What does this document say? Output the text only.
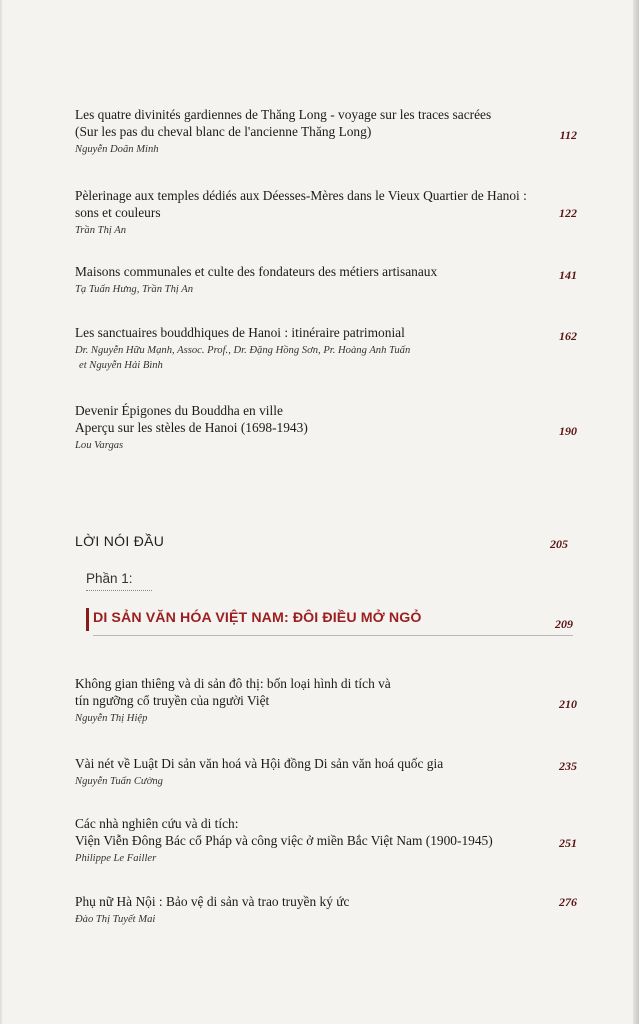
Les quatre divinités gardiennes de Thăng Long - voyage sur les traces sacrées
(Sur les pas du cheval blanc de l'ancienne Thăng Long)
Nguyễn Doãn Minh
112
Pèlerinage aux temples dédiés aux Déesses-Mères dans le Vieux Quartier de Hanoi :
sons et couleurs
Trần Thị An
122
Maisons communales et culte des fondateurs des métiers artisanaux
Tạ Tuấn Hưng, Trần Thị An
141
Les sanctuaires bouddhiques de Hanoi : itinéraire patrimonial
Dr. Nguyễn Hữu Mạnh, Assoc. Prof., Dr. Đặng Hồng Sơn, Pr. Hoàng Anh Tuấn
et Nguyễn Hải Bình
162
Devenir Épigones du Bouddha en ville
Aperçu sur les stèles de Hanoi (1698-1943)
Lou Vargas
190
LỜI NÓI ĐẦU	205
Phần 1:
DI SẢN VĂN HÓA VIỆT NAM: ĐÔI ĐIỀU MỞ NGỎ	209
Không gian thiêng và di sản đô thị: bốn loại hình di tích và
tín ngưỡng cổ truyền của người Việt
Nguyễn Thị Hiệp
210
Vài nét về Luật Di sản văn hoá và Hội đồng Di sản văn hoá quốc gia
Nguyễn Tuấn Cường
235
Các nhà nghiên cứu và di tích:
Viện Viễn Đông Bác cổ Pháp và công việc ở miền Bắc Việt Nam (1900-1945)
Philippe Le Failler
251
Phụ nữ Hà Nội : Bảo vệ di sản và trao truyền ký ức
Đào Thị Tuyết Mai
276
